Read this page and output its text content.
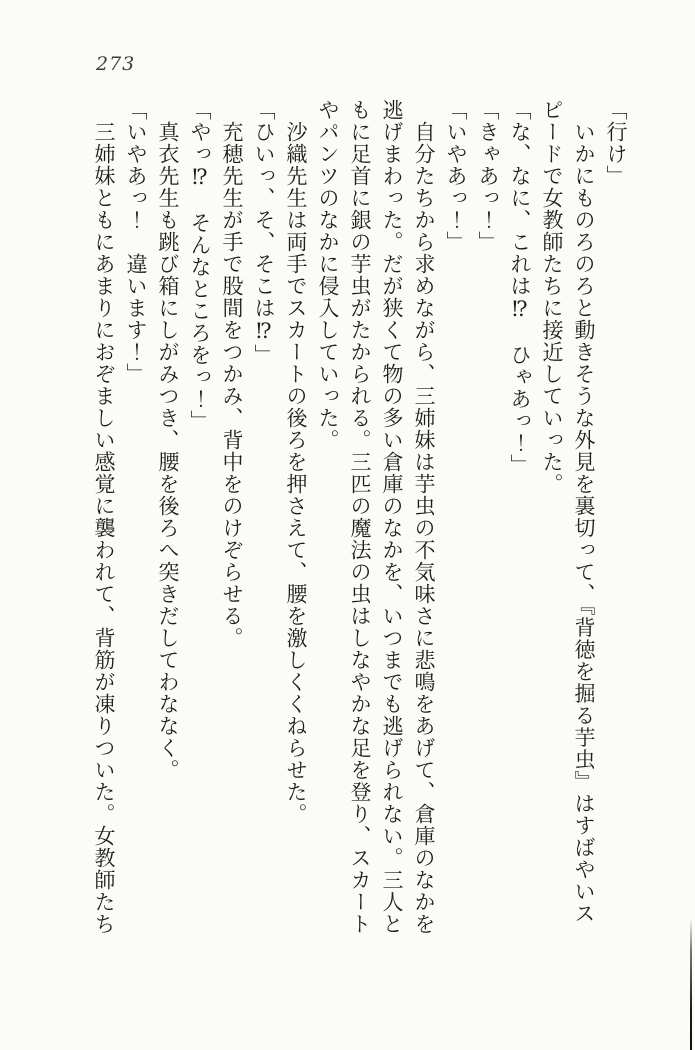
273

「行け」

いかにものろのろと動きそうな外見を裏切って、『背徳を掘る芋虫』はすばやいスピードで女教師たちに接近していった。

「な、なに、これは⁉　ひゃあっ！」

「きゃあっ！」

「いやあっ！」

自分たちから求めながら、三姉妹は芋虫の不気味さに悲鳴をあげて、倉庫のなかを逃げまわった。だが狭くて物の多い倉庫のなかを、いつまでも逃げられない。三人ともに足首に銀の芋虫がたかられる。三匹の魔法の虫はしなやかな足を登り、スカートやパンツのなかに侵入していった。

沙織先生は両手でスカートの後ろを押さえて、腰を激しくくねらせた。

「ひいっ、そ、そこは⁉」

充穂先生が手で股間をつかみ、背中をのけぞらせる。

「やっ⁉　そんなところをっ！」

真衣先生も跳び箱にしがみつき、腰を後ろへ突きだしてわななく。

「いやあっ！　違います！」

三姉妹ともにあまりにおぞましい感覚に襲われて、背筋が凍りついた。女教師たち
